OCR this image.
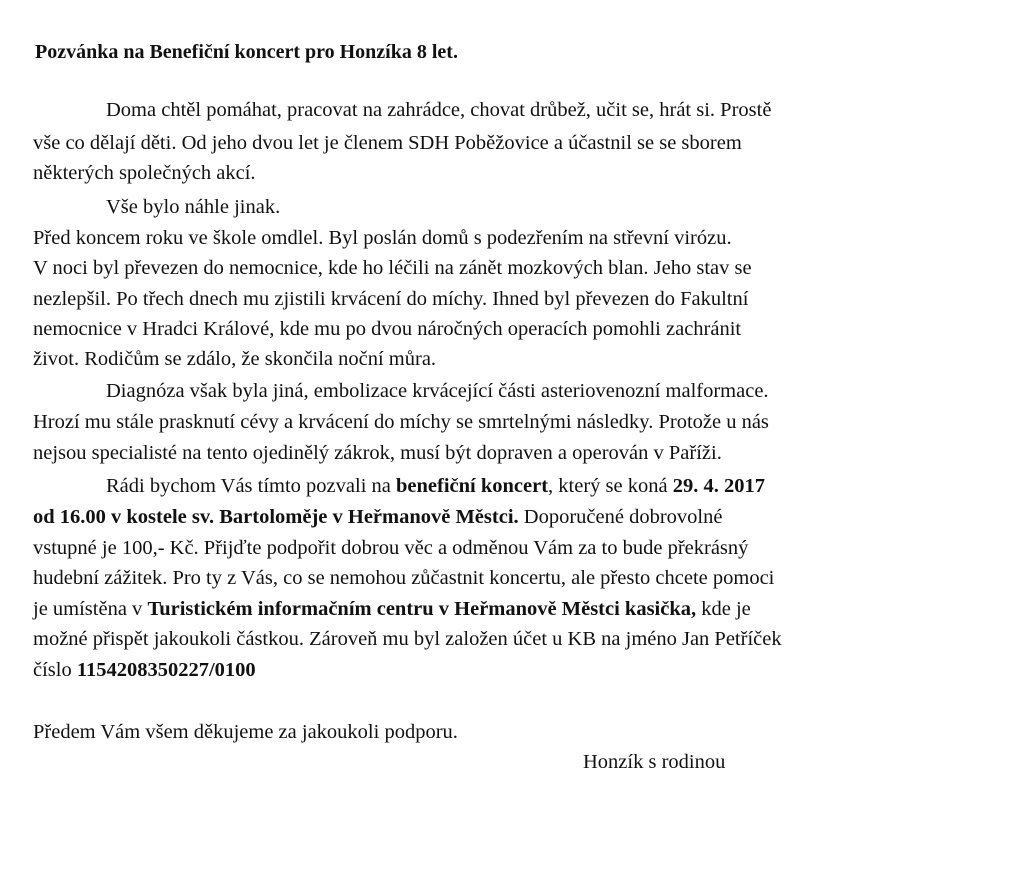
Pozvánka na Benefiční koncert pro Honzíka 8 let.
Doma chtěl pomáhat, pracovat na zahrádce, chovat drůbež, učit se, hrát si. Prostě
vše co dělají děti. Od jeho dvou let je členem SDH Poběžovice a účastnil se se sborem
některých společných akcí.
Vše bylo náhle jinak.
Před koncem roku ve škole omdlel. Byl poslán domů s podezřením na střevní virózu.
V noci byl převezen do nemocnice, kde ho léčili na zánět mozkových blan. Jeho stav se
nezlepšil. Po třech dnech mu zjistili krvácení do míchy. Ihned byl převezen do Fakultní
nemocnice v Hradci Králové, kde mu po dvou náročných operacích pomohli zachránit
život. Rodičům se zdálo, že skončila noční můra.
Diagnóza však byla jiná, embolizace krvácející části asteriovenozní malformace.
Hrozí mu stále prasknutí cévy a krvácení do míchy se smrtelnými následky. Protože u nás
nejsou specialisté na tento ojedinělý zákrok, musí být dopraven a operován v Paříži.
Rádi bychom Vás tímto pozvali na benefiční koncert, který se koná 29. 4. 2017
od 16.00 v kostele sv. Bartoloměje v Heřmanově Městci. Doporučené dobrovolné
vstupné je 100,- Kč. Přijďte podpořit dobrou věc a odměnou Vám za to bude překrásný
hudební zážitek. Pro ty z Vás, co se nemohou zůčastnit koncertu, ale přesto chcete pomoci
je umístěna v Turistickém informačním centru v Heřmanově Městci kasička, kde je
možné přispět jakoukoli částkou. Zároveň mu byl založen účet u KB na jméno Jan Petříček
číslo 1154208350227/0100
Předem Vám všem děkujeme za jakoukoli podporu.
Honzík s rodinou
